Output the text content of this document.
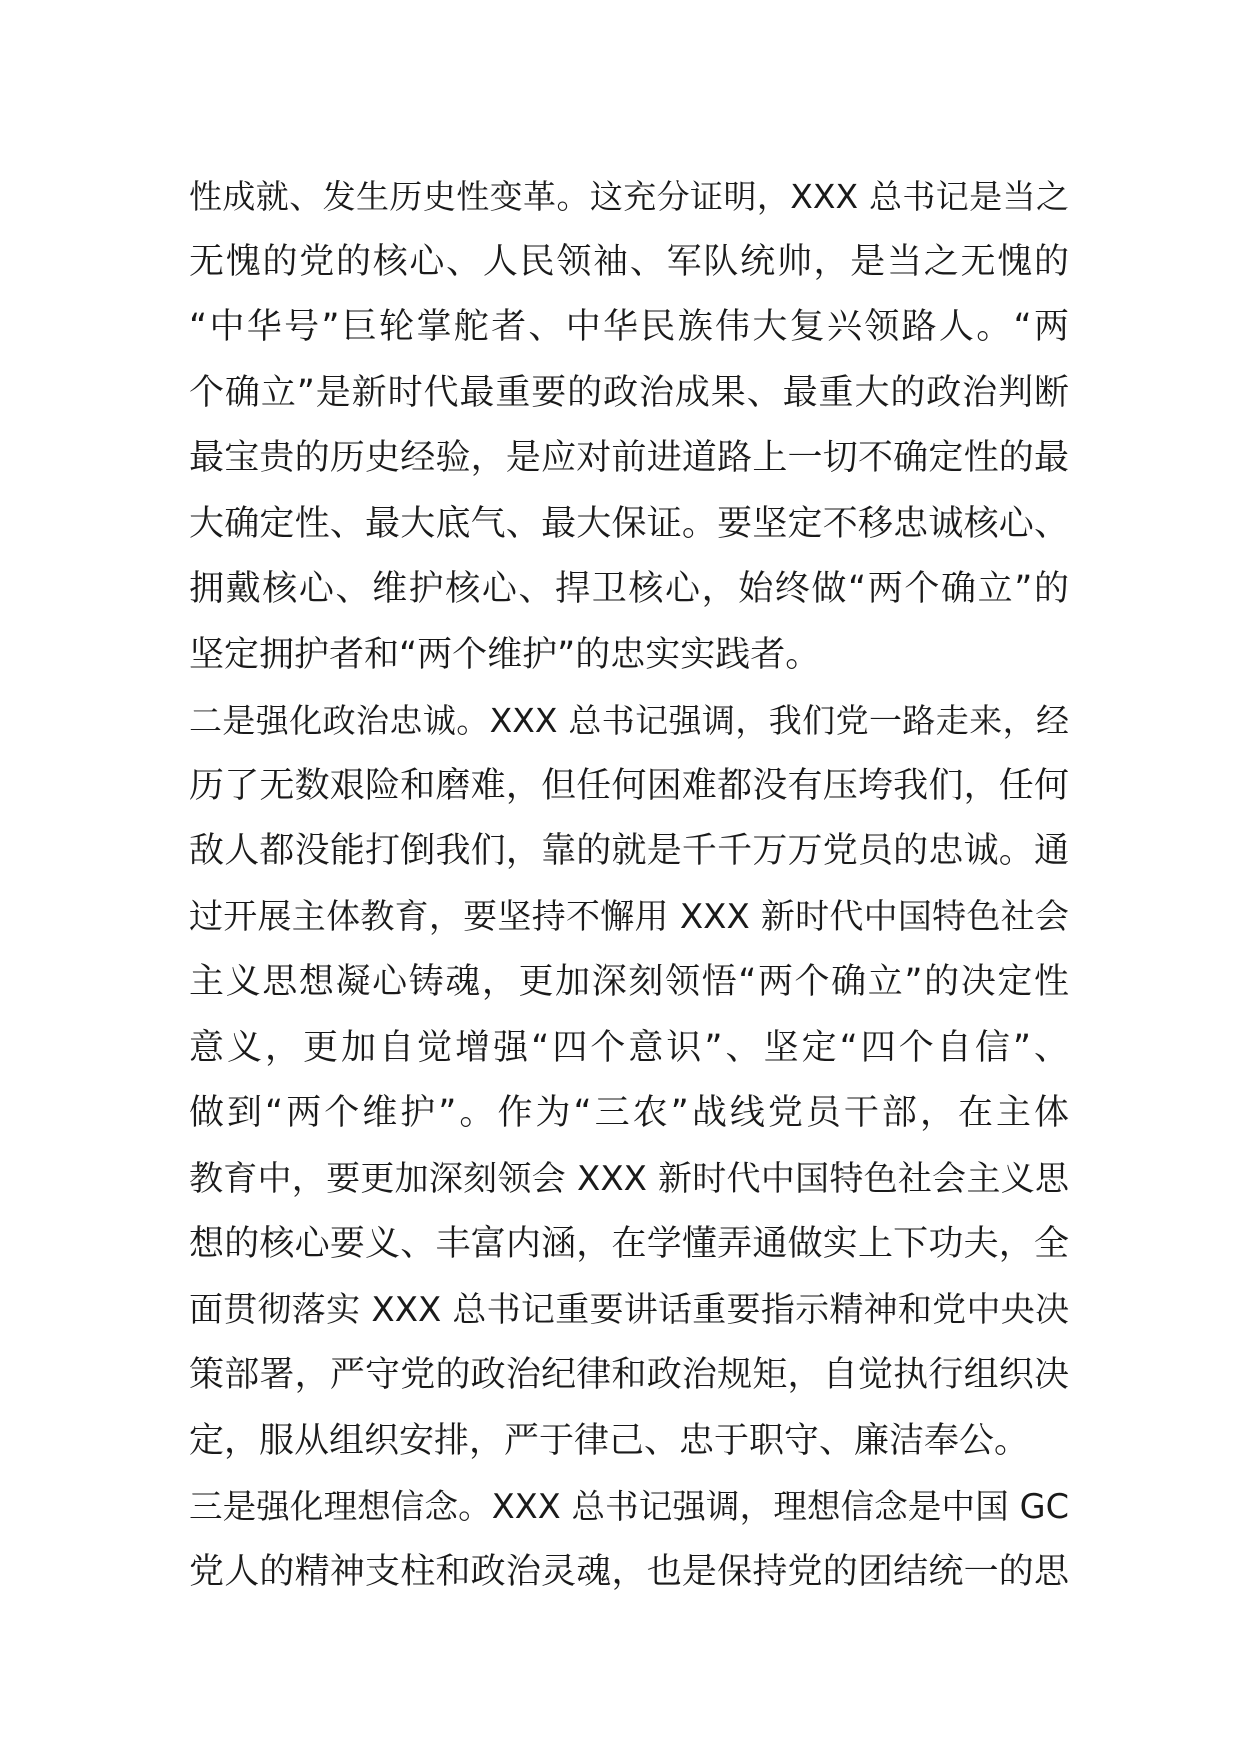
性成就、发生历史性变革。这充分证明，XXX 总书记是当之
无愧的党的核心、人民领袖、军队统帅，是当之无愧的
“中华号”巨轮掌舵者、中华民族伟大复兴领路人。“两
个确立”是新时代最重要的政治成果、最重大的政治判断
最宝贵的历史经验，是应对前进道路上一切不确定性的最
大确定性、最大底气、最大保证。要坚定不移忠诚核心、
拥戴核心、维护核心、捍卫核心，始终做“两个确立”的
坚定拥护者和“两个维护”的忠实实践者。
二是强化政治忠诚。XXX 总书记强调，我们党一路走来，经
历了无数艰险和磨难，但任何困难都没有压垮我们，任何
敌人都没能打倒我们，靠的就是千千万万党员的忠诚。通
过开展主体教育，要坚持不懈用 XXX 新时代中国特色社会
主义思想凝心铸魂，更加深刻领悟“两个确立”的决定性
意义，更加自觉增强“四个意识”、坚定“四个自信”、
做到“两个维护”。作为“三农”战线党员干部，在主体
教育中，要更加深刻领会 XXX 新时代中国特色社会主义思
想的核心要义、丰富内涵，在学懂弄通做实上下功夫，全
面贯彻落实 XXX 总书记重要讲话重要指示精神和党中央决
策部署，严守党的政治纪律和政治规矩，自觉执行组织决
定，服从组织安排，严于律己、忠于职守、廉洁奉公。
三是强化理想信念。XXX 总书记强调，理想信念是中国 GC
党人的精神支柱和政治灵魂，也是保持党的团结统一的思
